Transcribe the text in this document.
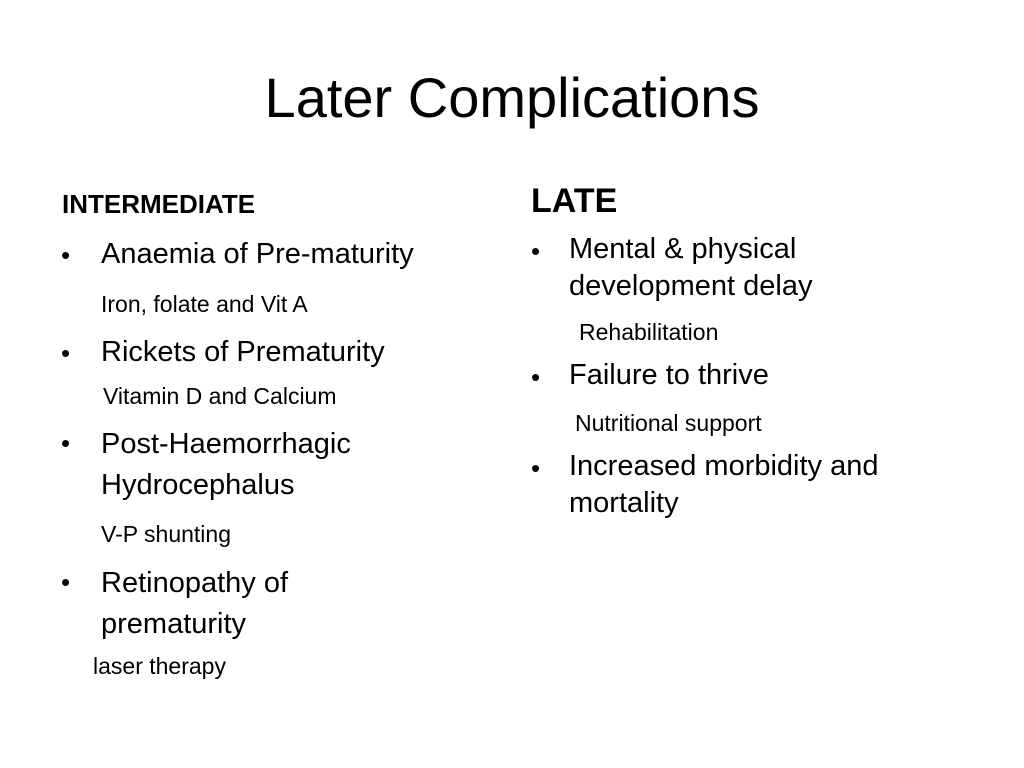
Later Complications
INTERMEDIATE
• Anaemia of Pre-maturity
Iron, folate and Vit A
• Rickets of Prematurity
Vitamin D and Calcium
• Post-Haemorrhagic
Hydrocephalus
V-P shunting
• Retinopathy of
prematurity
laser therapy
LATE
• Mental & physical
development delay
Rehabilitation
• Failure to thrive
Nutritional support
• Increased morbidity and
mortality
